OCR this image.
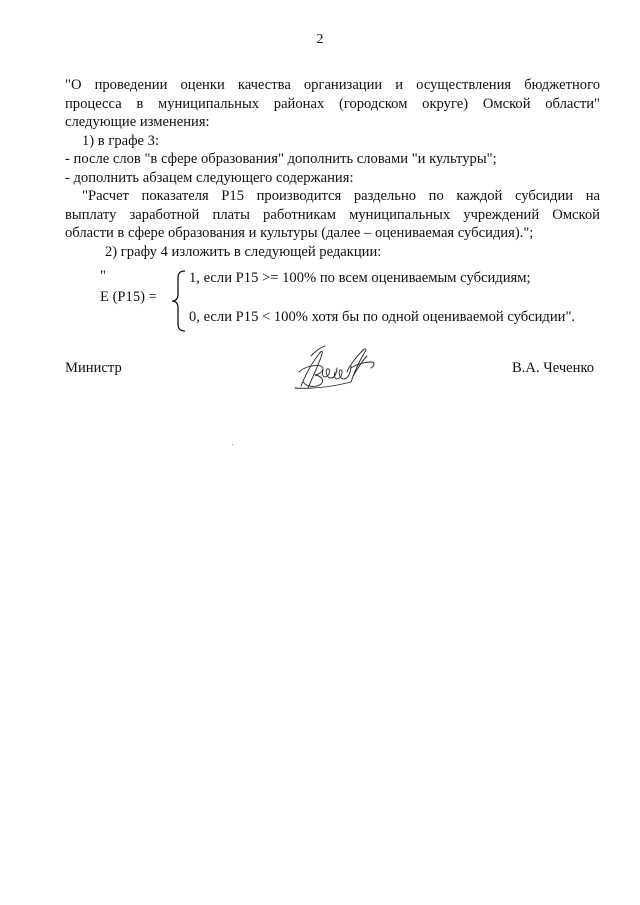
2
"О проведении оценки качества организации и осуществления бюджетного
процесса в муниципальных районах (городском округе) Омской области"
следующие изменения:
1) в графе 3:
- после слов "в сфере образования" дополнить словами "и культуры";
- дополнить абзацем следующего содержания:
"Расчет показателя Р15 производится раздельно по каждой субсидии на
выплату заработной платы работникам муниципальных учреждений Омской
области в сфере образования и культуры (далее – оцениваемая субсидия).";
2) графу 4 изложить в следующей редакции:
"
E (P15) =
1, если Р15 >= 100% по всем оцениваемым субсидиям;
0, если Р15 < 100% хотя бы по одной оцениваемой субсидии".
Министр	В.А. Чеченко
